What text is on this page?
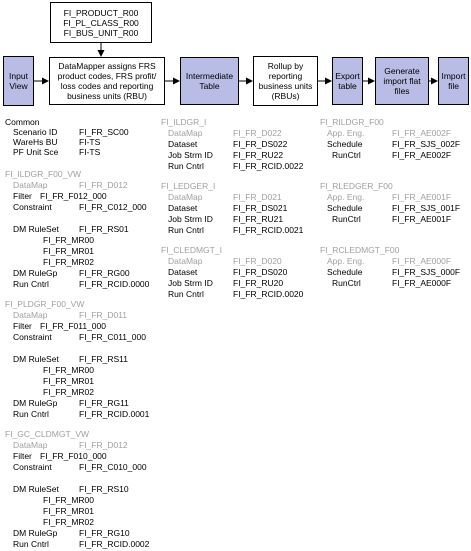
FI_PRODUCT_R00
FI_PL_CLASS_R00
FI_BUS_UNIT_R00
Input View
DataMapper assigns FRS product codes, FRS profit/ loss codes and reporting business units (RBU)
Intermediate Table
Rollup by reporting business units (RBUs)
Export table
Generate import flat files
Import file
Common
Scenario ID	FI_FR_SC00
WareHs BU	FI-TS
PF Unit Sce FI-TS
FI_ILDGR_F00_VW
DataMap	FI_FR_D012
Filter FI_FR_F012_000
Constraint	FI_FR_C012_000
DM RuleSet FI_FR_RS01
FI_FR_MR00
FI_FR_MR01
FI_FR_MR02
DM RuleGp	FI_FR_RG00
Run Cntrl	FI_FR_RCID.0000
FI_PLDGR_F00_VW
DataMap	FI_FR_D011
Filter FI_FR_F011_000
Constraint	FI_FR_C011_000
DM RuleSet FI_FR_RS11
FI_FR_MR00
FI_FR_MR01
FI_FR_MR02
DM RuleGp	FI_FR_RG11
Run Cntrl	FI_FR_RCID.0001
FI_GC_CLDMGT_VW
DataMap	FI_FR_D012
Filter FI_FR_F010_000
Constraint	FI_FR_C010_000
DM RuleSet FI_FR_RS10
FI_FR_MR00
FI_FR_MR01
FI_FR_MR02
DM RuleGp	FI_FR_RG10
Run Cntrl	FI_FR_RCID.0002
FI_ILDGR_I
DataMap	FI_FR_D022
Dataset	FI_FR_DS022
Job Strm ID FI_FR_RU22
Run Cntrl	FI_FR_RCID.0022
FI_LEDGER_I
DataMap	FI_FR_D021
Dataset	FI_FR_DS021
Job Strm ID FI_FR_RU21
Run Cntrl	FI_FR_RCID.0021
FI_CLEDMGT_I
DataMap	FI_FR_D020
Dataset	FI_FR_DS020
Job Strm ID FI_FR_RU20
Run Cntrl	FI_FR_RCID.0020
FI_RILDGR_F00
App. Eng.	FI_FR_AE002F
Schedule	FI_FR_SJS_002F
RunCtrl	FI_FR_AE002F
FI_RLEDGER_F00
App. Eng.	FI_FR_AE001F
Schedule	FI_FR_SJS_001F
RunCtrl	FI_FR_AE001F
FI_RCLEDMGT_F00
App. Eng.	FI_FR_AE000F
Schedule	FI_FR_SJS_000F
RunCtrl	FI_FR_AE000F
